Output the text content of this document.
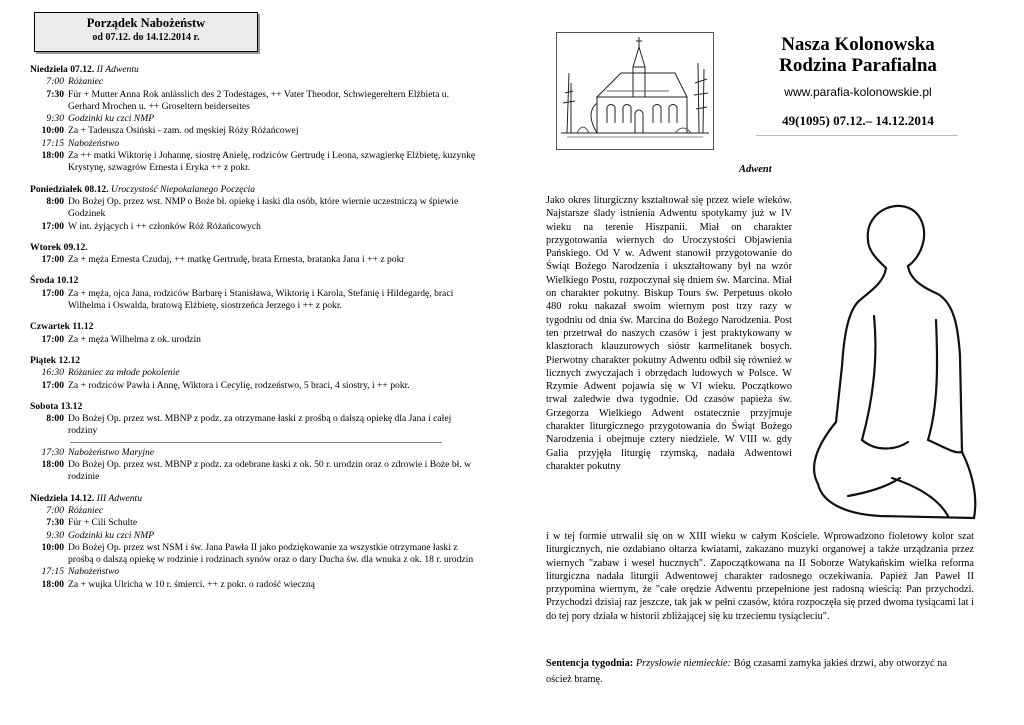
Porządek Nabożeństw
od 07.12. do 14.12.2014 r.
Niedziela 07.12. II Adwentu
7:00 Różaniec
7:30 Für + Mutter Anna Rok anlässlich des 2 Todestages, ++ Vater Theodor, Schwiegereltern Elżbieta u. Gerhard Mrochen u. ++ Groseltern beiderseites
9:30 Godzinki ku czci NMP
10:00 Za + Tadeusza Osiński - zam. od męskiej Róży Różańcowej
17:15 Nabożeństwo
18:00 Za ++ matki Wiktorię i Johannę, siostrę Anielę, rodziców Gertrudę i Leona, szwagierkę Elżbietę, kuzynkę Krystynę, szwagrów Ernesta i Eryka ++ z pokr.
Poniedziałek 08.12. Uroczystość Niepokalanego Poczęcia
8:00 Do Bożej Op. przez wst. NMP o Boże bł. opiekę i łaski dla osób, które wiernie uczestniczą w śpiewie Godzinek
17:00 W int. żyjących i ++ członków Róż Różańcowych
Wtorek 09.12.
17:00 Za + męża Ernesta Czudaj, ++ matkę Gertrudę, brata Ernesta, bratanka Jana i ++ z pokr
Środa 10.12
17:00 Za + męża, ojca Jana, rodziców Barbarę i Stanisława, Wiktorię i Karola, Stefanię i Hildegardę, braci Wilhelma i Oswalda, bratową Elżbietę, siostrzeńca Jerzego i ++ z pokr.
Czwartek 11.12
17:00 Za + męża Wilhelma z ok. urodzin
Piątek 12.12
16:30 Różaniec za młode pokolenie
17:00 Za + rodziców Pawła i Annę, Wiktora i Cecylię, rodzeństwo, 5 braci, 4 siostry, i ++ pokr.
Sobota 13.12
8:00 Do Bożej Op. przez wst. MBNP z podz. za otrzymane łaski z prośbą o dalszą opiekę dla Jana i całej rodziny
17:30 Nabożeństwo Maryjne
18:00 Do Bożej Op. przez wst. MBNP z podz. za odebrane łaski z ok. 50 r. urodzin oraz o zdrowie i Boże bł. w rodzinie
Niedziela 14.12. III Adwentu
7:00 Różaniec
7:30 Für + Cili Schulte
9:30 Godzinki ku czci NMP
10:00 Do Bożej Op. przez wst NSM i św. Jana Pawła II jako podziękowanie za wszystkie otrzymane łaski z prośbą o dalszą opiekę w rodzinie i rodzinach synów oraz o dary Ducha św. dla wnuka z ok. 18 r. urodzin
17:15 Nabożeństwo
18:00 Za + wujka Ulricha w 10 r. śmierci. ++ z pokr. o radość wieczną
Nasza Kolonowska
Rodzina Parafialna
www.parafia-kolonowskie.pl
49(1095) 07.12.– 14.12.2014
Adwent
Jako okres liturgiczny kształtował się przez wiele wieków. Najstarsze ślady istnienia Adwentu spotykamy już w IV wieku na terenie Hiszpanii. Miał on charakter przygotowania wiernych do Uroczystości Objawienia Pańskiego. Od V w. Adwent stanowił przygotowanie do Świąt Bożego Narodzenia i ukształtowany był na wzór Wielkiego Postu, rozpoczynał się dniem św. Marcina. Miał on charakter pokutny. Biskup Tours św. Perpetuus około 480 roku nakazał swoim wiernym post trzy razy w tygodniu od dnia św. Marcina do Bożego Narodzenia. Post ten przetrwał do naszych czasów i jest praktykowany w klasztorach klauzurowych sióstr karmelitanek bosych. Pierwotny charakter pokutny Adwentu odbił się również w licznych zwyczajach i obrzędach ludowych w Polsce. W Rzymie Adwent pojawia się w VI wieku. Początkowo trwał zaledwie dwa tygodnie. Od czasów papieża św. Grzegorza Wielkiego Adwent ostatecznie przyjmuje charakter liturgicznego przygotowania do Świąt Bożego Narodzenia i obejmuje cztery niedziele. W VIII w. gdy Galia przyjęła liturgię rzymską, nadała Adwentowi charakter pokutny
i w tej formie utrwalił się on w XIII wieku w całym Kościele. Wprowadzono fioletowy kolor szat liturgicznych, nie ozdabiano ołtarza kwiatami, zakazano muzyki organowej a także urządzania przez wiernych "zabaw i wesel hucznych". Zapoczątkowana na II Soborze Watykańskim wielka reforma liturgiczna nadała liturgii Adwentowej charakter radosnego oczekiwania. Papież Jan Paweł II przypomina wiernym, że "całe orędzie Adwentu przepełnione jest radosną wieścią: Pan przychodzi. Przychodzi dzisiaj raz jeszcze, tak jak w pełni czasów, która rozpoczęła się przed dwoma tysiącami lat i do tej pory działa w historii zbliżającej się ku trzeciemu tysiącleciu".
Sentencja tygodnia: Przysłowie niemieckie: Bóg czasami zamyka jakieś drzwi, aby otworzyć na oścież bramę.
